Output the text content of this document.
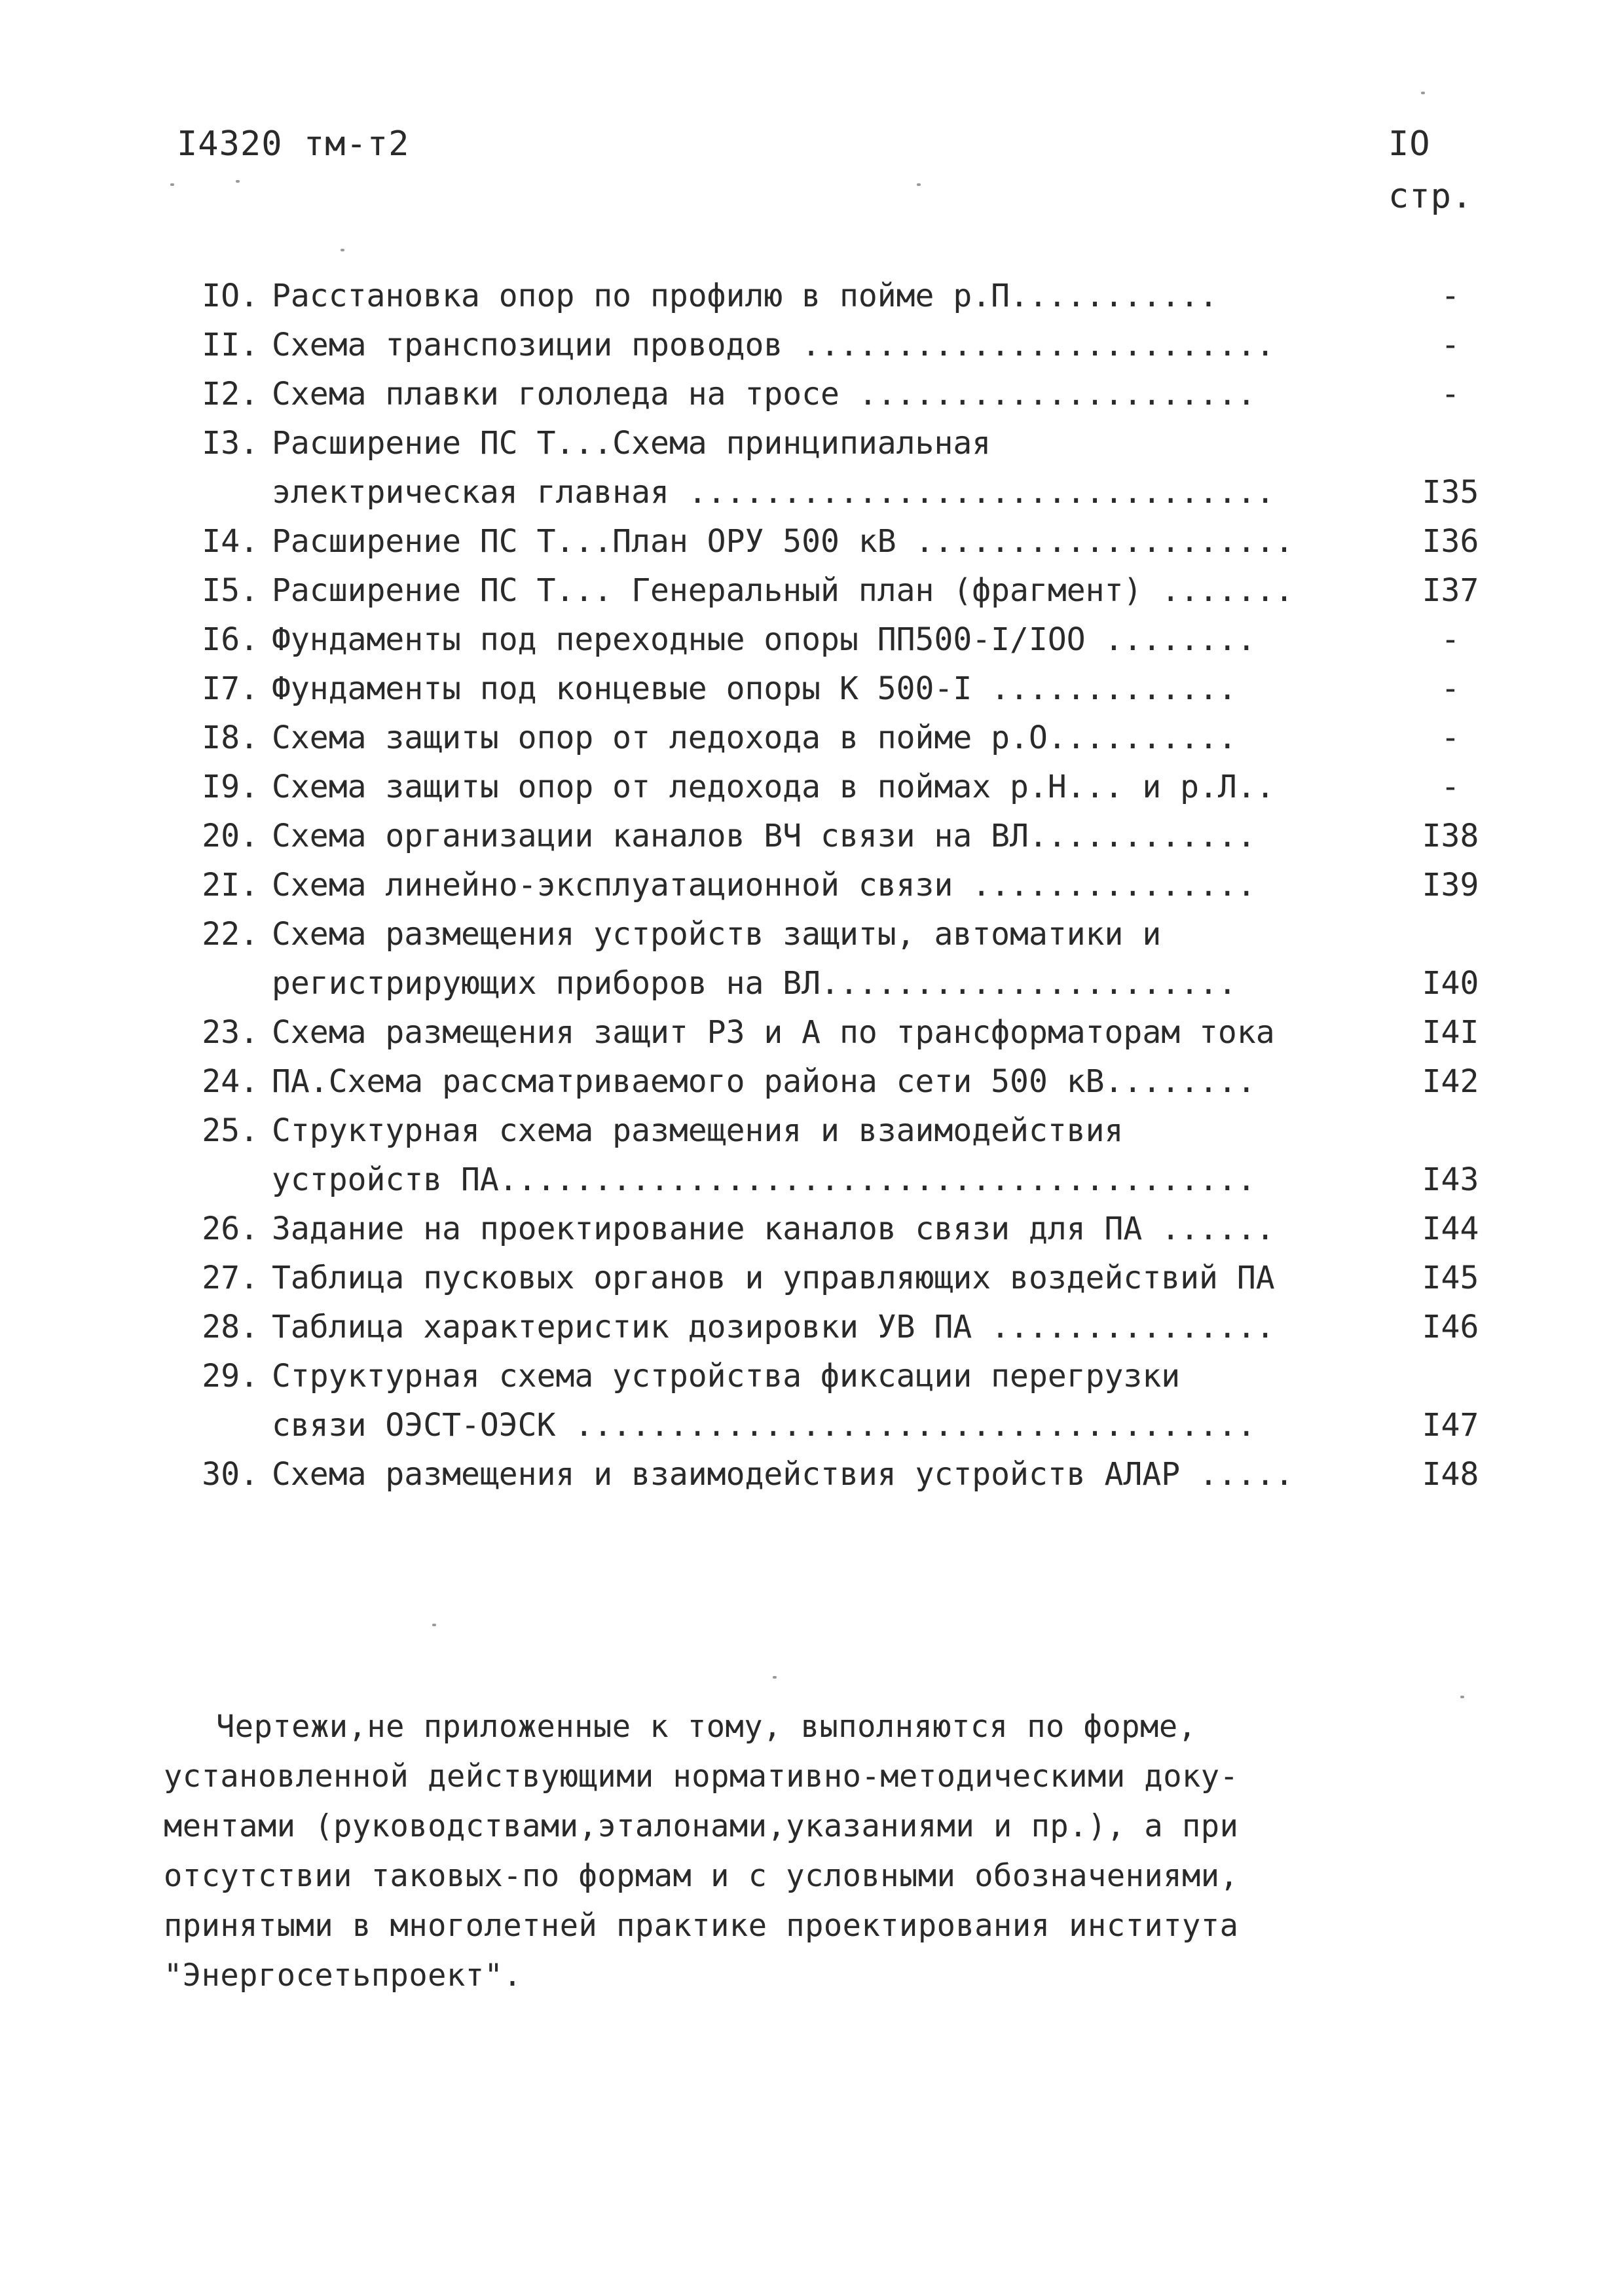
I4320 тм-т2	IO
стр.
IO. Расстановка опор по профилю в пойме р.П...........	-
II. Схема транспозиции проводов .........................	-
I2. Схема плавки гололеда на тросе .....................	-
I3. Расширение ПС Т...Схема принципиальная
электрическая главная ...............................	I35
I4. Расширение ПС Т...План ОРУ 500 кВ ....................	I36
I5. Расширение ПС Т... Генеральный план (фрагмент) .......	I37
I6. Фундаменты под переходные опоры ПП500-I/IOO ........	-
I7. Фундаменты под концевые опоры К 500-I .............	-
I8. Схема защиты опор от ледохода в пойме р.О..........	-
I9. Схема защиты опор от ледохода в поймах р.Н... и р.Л..	-
20. Схема организации каналов ВЧ связи на ВЛ............	I38
2I. Схема линейно-эксплуатационной связи ...............	I39
22. Схема размещения устройств защиты, автоматики и
регистрирующих приборов на ВЛ......................	I40
23. Схема размещения защит РЗ и А по трансформаторам тока	I4I
24. ПА.Схема рассматриваемого района сети 500 кВ........	I42
25. Структурная схема размещения и взаимодействия
устройств ПА........................................	I43
26. Задание на проектирование каналов связи для ПА ......	I44
27. Таблица пусковых органов и управляющих воздействий ПА	I45
28. Таблица характеристик дозировки УВ ПА ...............	I46
29. Структурная схема устройства фиксации перегрузки
связи ОЭСТ-ОЭСК ....................................	I47
30. Схема размещения и взаимодействия устройств АЛАР .....	I48
Чертежи,не приложенные к тому, выполняются по форме,
установленной действующими нормативно-методическими доку-
ментами (руководствами,эталонами,указаниями и пр.), а при
отсутствии таковых-по формам и с условными обозначениями,
принятыми в многолетней практике проектирования института
"Энергосетьпроект".
